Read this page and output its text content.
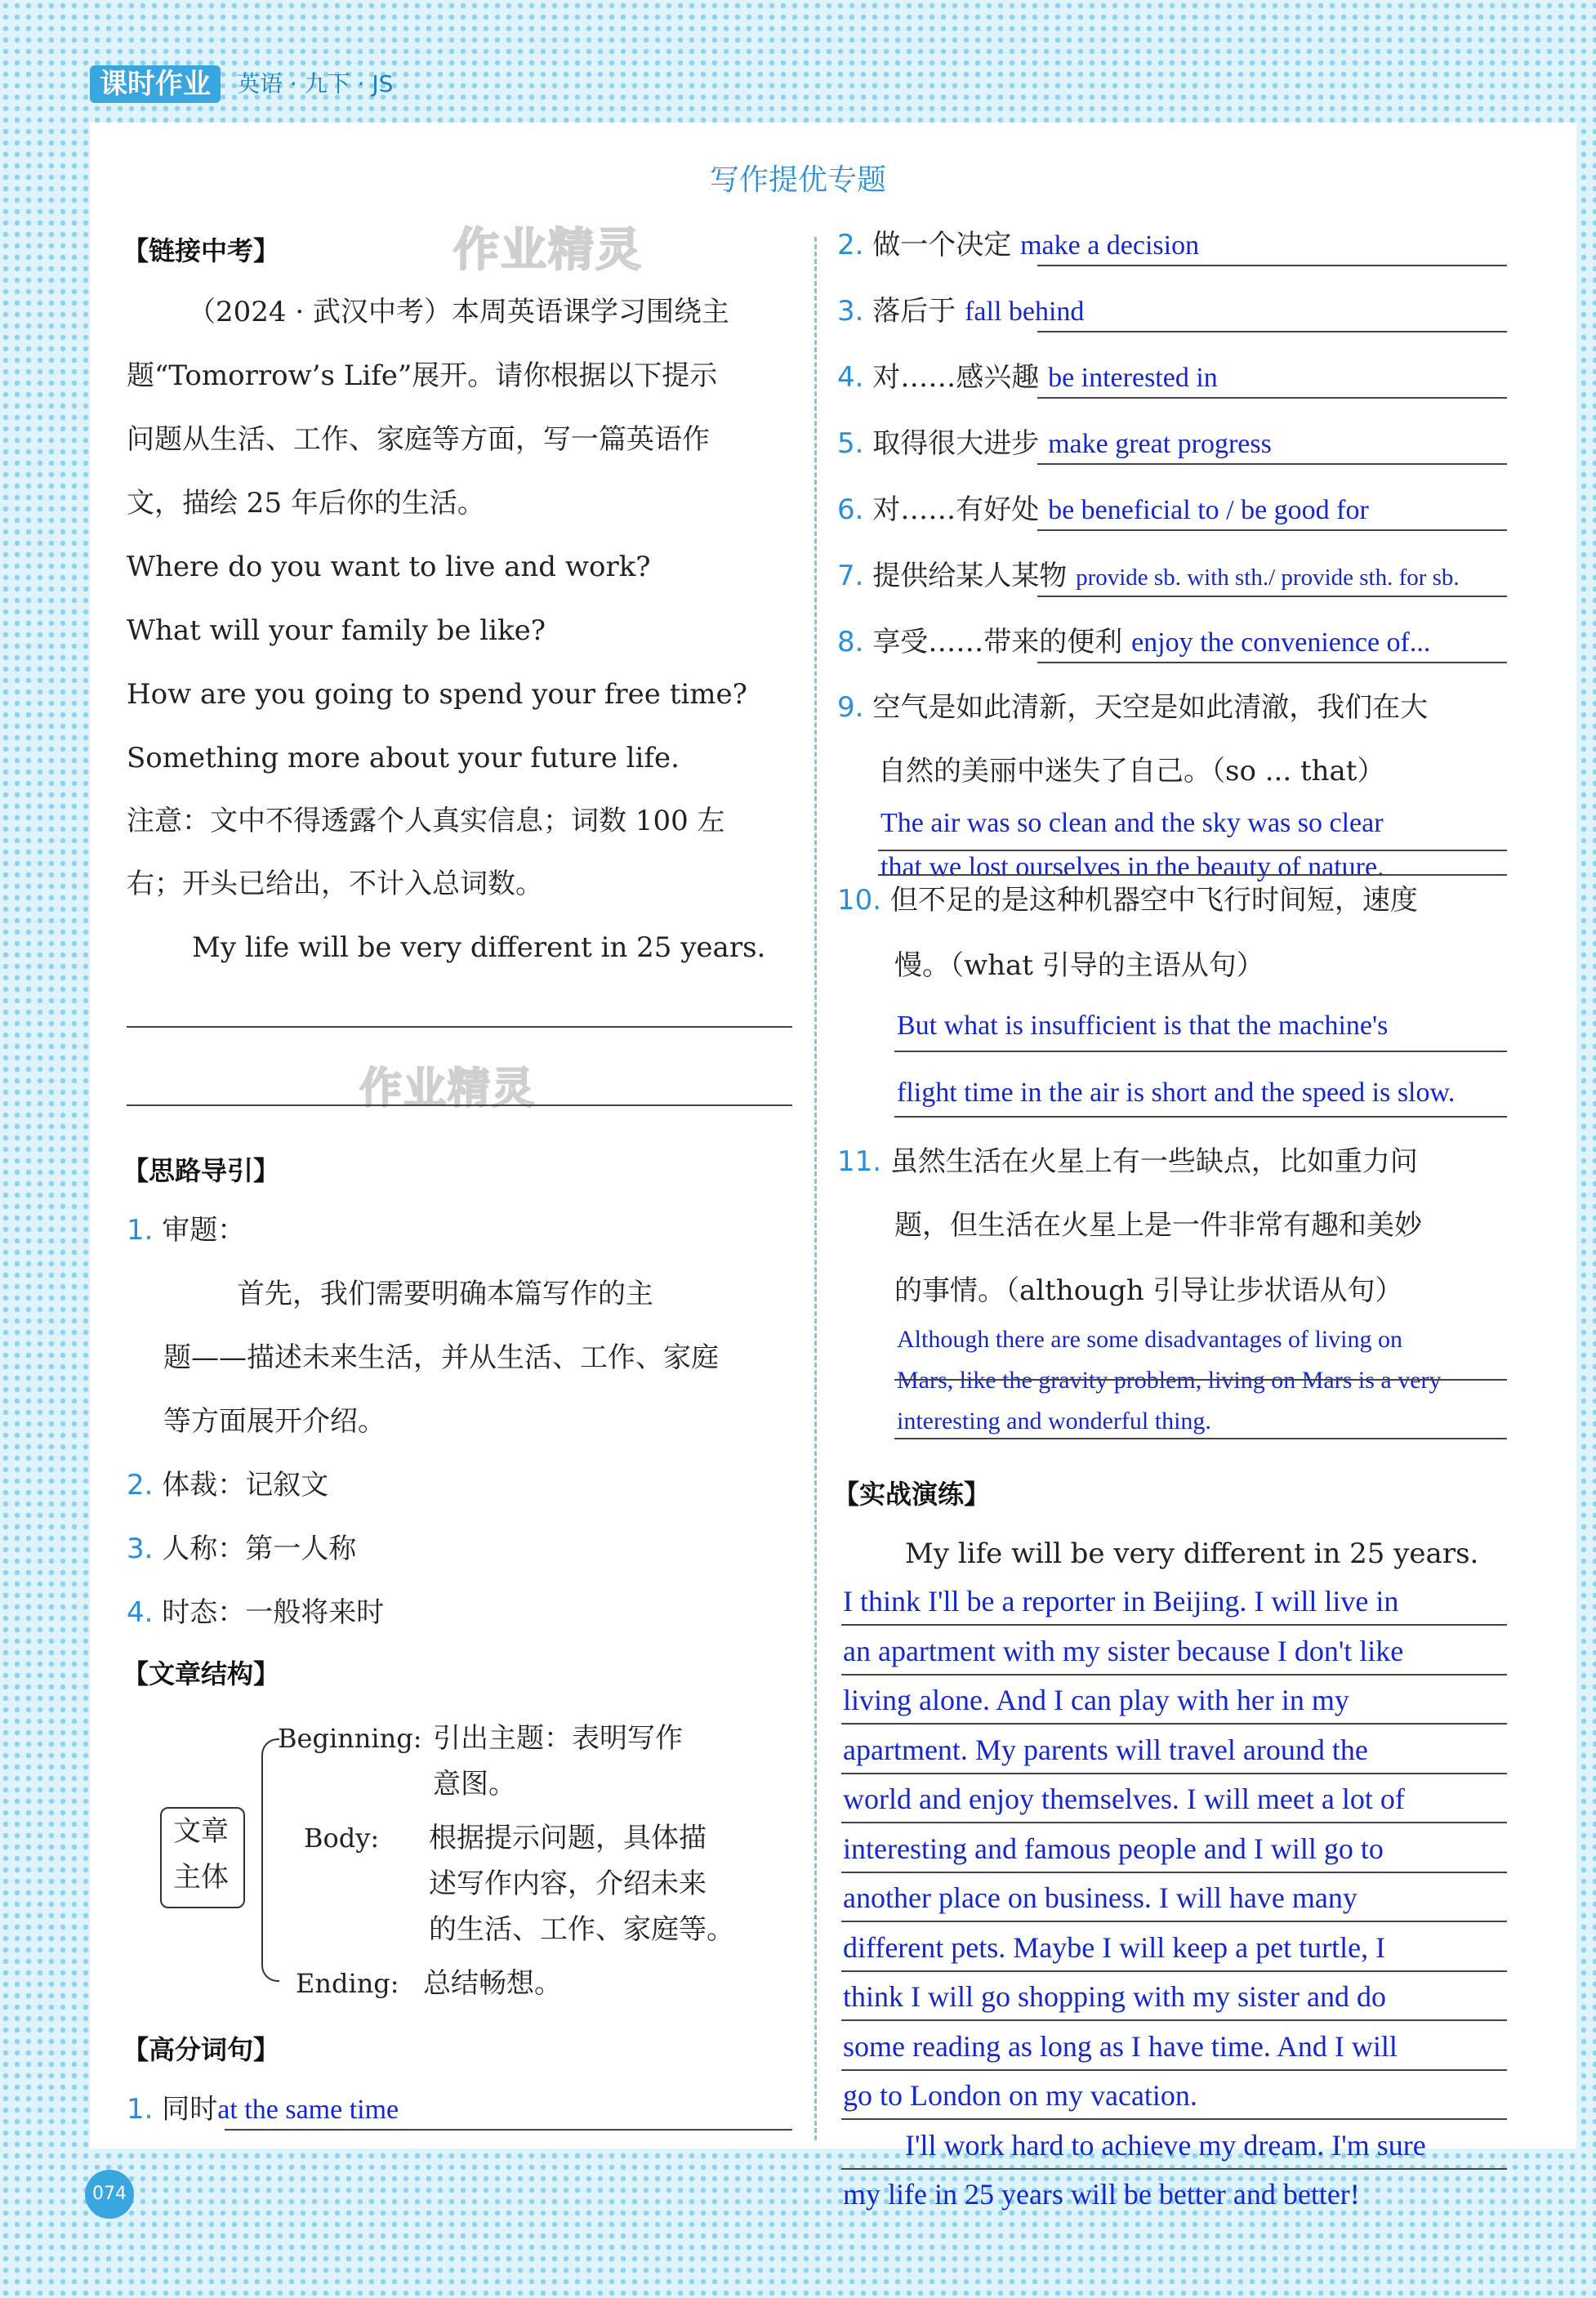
课时作业	英语 · 九下 · JS
写作提优专题
作业精灵
作业精灵
【链接中考】
（2024 · 武汉中考）本周英语课学习围绕主
题“Tomorrow’s Life”展开。请你根据以下提示
问题从生活、工作、家庭等方面，写一篇英语作
文，描绘 25 年后你的生活。
Where do you want to live and work?
What will your family be like?
How are you going to spend your free time?
Something more about your future life.
注意：文中不得透露个人真实信息；词数 100 左
右；开头已给出，不计入总词数。
My life will be very different in 25 years.
【思路导引】
1. 审题：
首先，我们需要明确本篇写作的主
题——描述未来生活，并从生活、工作、家庭
等方面展开介绍。
2. 体裁：记叙文
3. 人称：第一人称
4. 时态：一般将来时
【文章结构】
文章
主体
Beginning: 引出主题：表明写作
意图。
Body: 根据提示问题，具体描
述写作内容，介绍未来
的生活、工作、家庭等。
Ending: 总结畅想。
【高分词句】
1. 同时at the same time
2. 做一个决定 make a decision
3. 落后于 fall behind
4. 对……感兴趣 be interested in
5. 取得很大进步 make great progress
6. 对……有好处 be beneficial to / be good for
7. 提供给某人某物 provide sb. with sth./ provide sth. for sb.
8. 享受……带来的便利 enjoy the convenience of...
9. 空气是如此清新，天空是如此清澈，我们在大
自然的美丽中迷失了自己。（so ... that）
The air was so clean and the sky was so clear
that we lost ourselves in the beauty of nature.
10. 但不足的是这种机器空中飞行时间短，速度
慢。（what 引导的主语从句）
But what is insufficient is that the machine's
flight time in the air is short and the speed is slow.
11. 虽然生活在火星上有一些缺点，比如重力问
题，但生活在火星上是一件非常有趣和美妙
的事情。（although 引导让步状语从句）
Although there are some disadvantages of living on
Mars, like the gravity problem, living on Mars is a very
interesting and wonderful thing.
【实战演练】
My life will be very different in 25 years.
I think I'll be a reporter in Beijing. I will live in
an apartment with my sister because I don't like
living alone. And I can play with her in my
apartment. My parents will travel around the
world and enjoy themselves. I will meet a lot of
interesting and famous people and I will go to
another place on business. I will have many
different pets. Maybe I will keep a pet turtle, I
think I will go shopping with my sister and do
some reading as long as I have time. And I will
go to London on my vacation.
I'll work hard to achieve my dream. I'm sure
my life in 25 years will be better and better!
074
